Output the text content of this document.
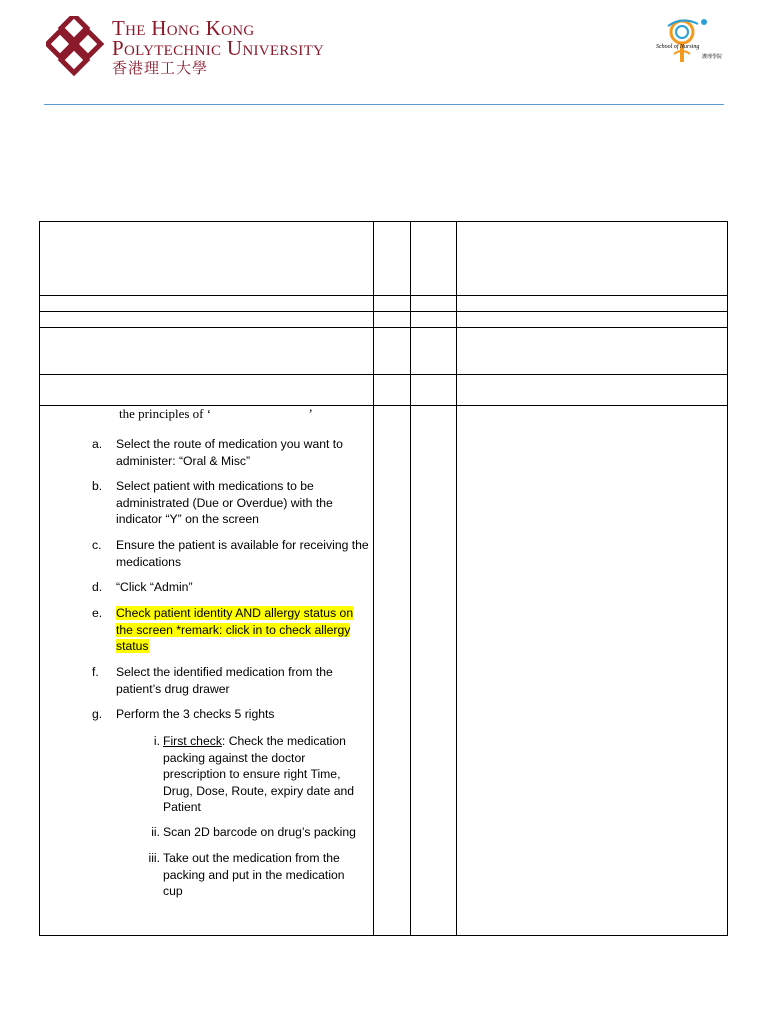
The Hong Kong
Polytechnic University
香港理工大學
School of Nursing
護理學院
the principles of ‘                              ’
a.	Select the route of medication you want to administer: “Oral & Misc”
b.	Select patient with medications to be administrated (Due or Overdue) with the indicator “Y” on the screen
c.	Ensure the patient is available for receiving the medications
d.	“Click “Admin”
e.	Check patient identity AND allergy status on the screen *remark: click in to check allergy status
f.	Select the identified medication from the patient’s drug drawer
g.	Perform the 3 checks 5 rights
i. First check: Check the medication packing against the doctor prescription to ensure right Time, Drug, Dose, Route, expiry date and Patient
ii. Scan 2D barcode on drug’s packing
iii. Take out the medication from the packing and put in the medication cup
